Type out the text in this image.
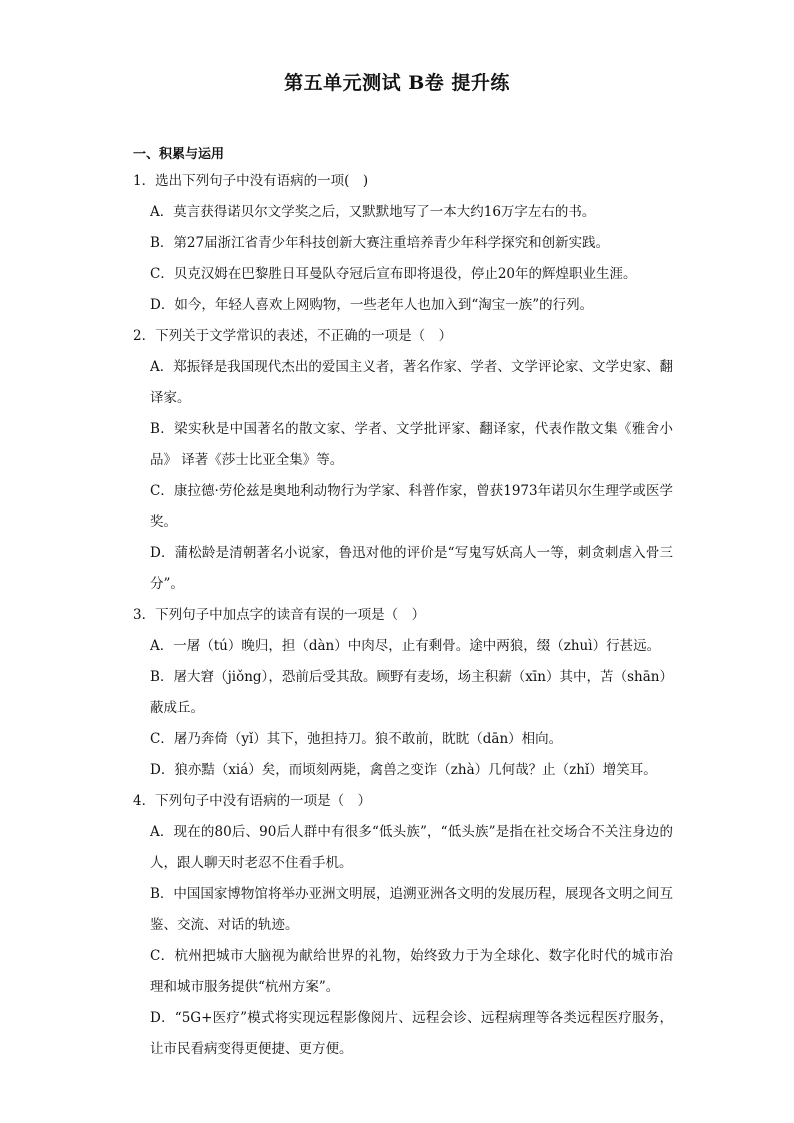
第五单元测试 B卷 提升练
一、积累与运用
1．选出下列句子中没有语病的一项(　)
A．莫言获得诺贝尔文学奖之后，又默默地写了一本大约16万字左右的书。
B．第27届浙江省青少年科技创新大赛注重培养青少年科学探究和创新实践。
C．贝克汉姆在巴黎胜日耳曼队夺冠后宣布即将退役，停止20年的辉煌职业生涯。
D．如今，年轻人喜欢上网购物，一些老年人也加入到“淘宝一族”的行列。
2．下列关于文学常识的表述，不正确的一项是（　）
A．郑振铎是我国现代杰出的爱国主义者，著名作家、学者、文学评论家、文学史家、翻译家。
B．梁实秋是中国著名的散文家、学者、文学批评家、翻译家，代表作散文集《雅舍小品》 译著《莎士比亚全集》等。
C．康拉德·劳伦兹是奥地利动物行为学家、科普作家，曾获1973年诺贝尔生理学或医学奖。
D．蒲松龄是清朝著名小说家，鲁迅对他的评价是“写鬼写妖高人一等，刺贪刺虐入骨三分”。
3．下列句子中加点字的读音有误的一项是（　）
A．一屠（tú）晚归，担（dàn）中肉尽，止有剩骨。途中两狼，缀（zhuì）行甚远。
B．屠大窘（jiǒng），恐前后受其敌。顾野有麦场，场主积薪（xīn）其中，苫（shān）蔽成丘。
C．屠乃奔倚（yǐ）其下，弛担持刀。狼不敢前，眈眈（dān）相向。
D．狼亦黠（xiá）矣，而顷刻两毙，禽兽之变诈（zhà）几何哉？止（zhǐ）增笑耳。
4．下列句子中没有语病的一项是（　）
A．现在的80后、90后人群中有很多“低头族”，“低头族”是指在社交场合不关注身边的人，跟人聊天时老忍不住看手机。
B．中国国家博物馆将举办亚洲文明展，追溯亚洲各文明的发展历程，展现各文明之间互鉴、交流、对话的轨迹。
C．杭州把城市大脑视为献给世界的礼物，始终致力于为全球化、数字化时代的城市治理和城市服务提供“杭州方案”。
D．“5G+医疗”模式将实现远程影像阅片、远程会诊、远程病理等各类远程医疗服务，让市民看病变得更便捷、更方便。
